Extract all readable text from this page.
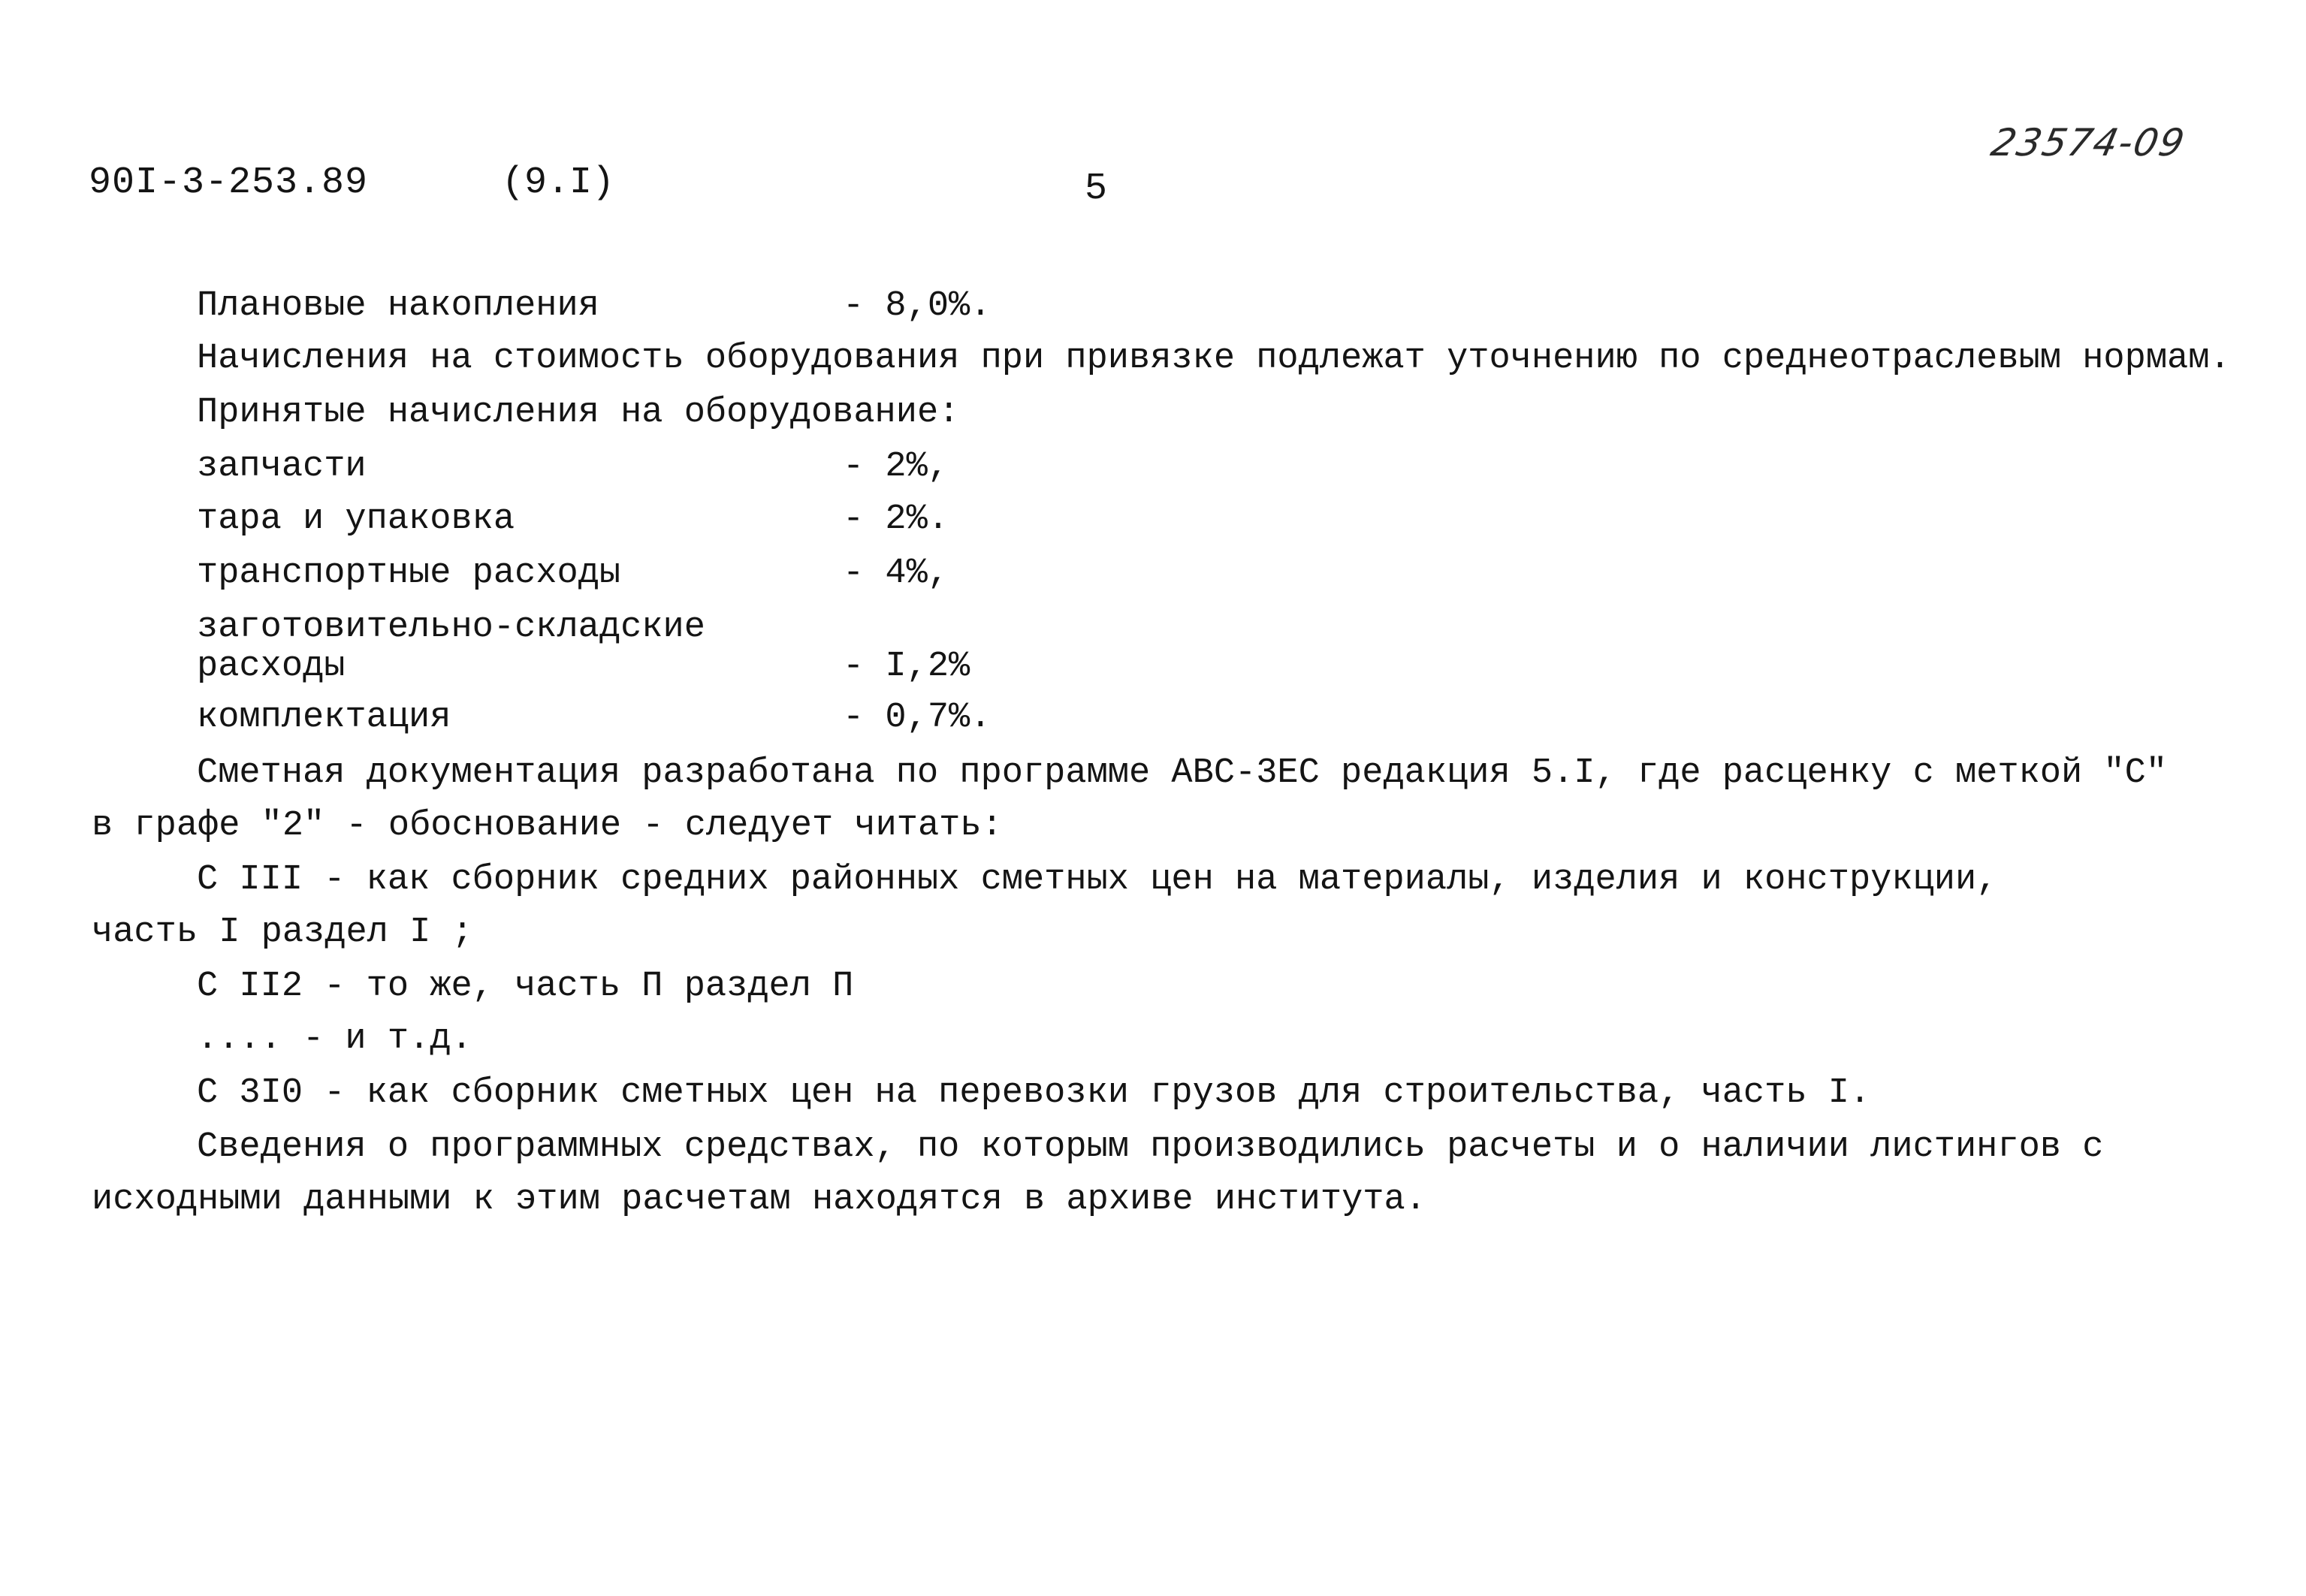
90I-3-253.89	(9.I)	5
23574-09
Плановые накопления	- 8,0%.
Начисления на стоимость оборудования при привязке подлежат уточнению по среднеотраслевым нормам.
Принятые начисления на оборудование:
запчасти	- 2%,
тара и упаковка	- 2%.
транспортные расходы	- 4%,
заготовительно-складские
расходы	- I,2%
комплектация	- 0,7%.
Сметная документация разработана по программе АВС-3ЕС редакция 5.I, где расценку с меткой "С"
в графе "2" - обоснование - следует читать:
С III - как сборник средних районных сметных цен на материалы, изделия и конструкции,
часть I раздел I ;
С II2 - то же, часть П раздел П
.... - и т.д.
С 3I0 - как сборник сметных цен на перевозки грузов для строительства, часть I.
Сведения о программных средствах, по которым производились расчеты и о наличии листингов с
исходными данными к этим расчетам находятся в архиве института.
